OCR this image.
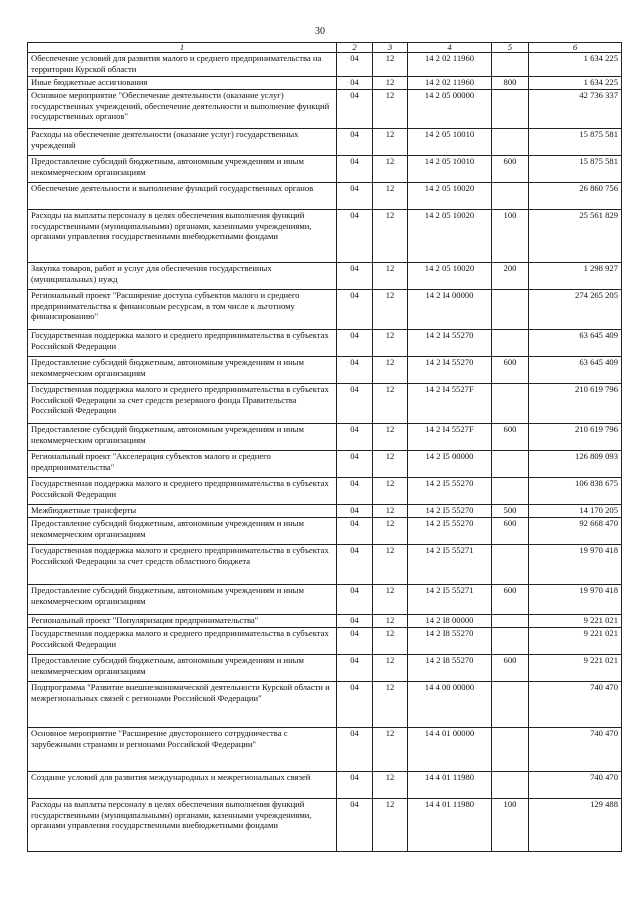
30
1	2	3	4	5	6
Обеспечение условий для развития малого и среднего предпринимательства на территории Курской области	04	12	14 2 02 11960		1 634 225
Иные бюджетные ассигнования	04	12	14 2 02 11960	800	1 634 225
Основное мероприятие "Обеспечение деятельности (оказание услуг) государственных учреждений, обеспечение деятельности и выполнение функций государственных органов"	04	12	14 2 05 00000		42 736 337
Расходы на обеспечение деятельности (оказание услуг) государственных учреждений	04	12	14 2 05 10010		15 875 581
Предоставление субсидий бюджетным, автономным учреждениям и иным некоммерческим организациям	04	12	14 2 05 10010	600	15 875 581
Обеспечение деятельности и выполнение функций государственных органов	04	12	14 2 05 10020		26 860 756
Расходы на выплаты персоналу в целях обеспечения выполнения функций государственными (муниципальными) органами, казенными учреждениями, органами управления государственными внебюджетными фондами	04	12	14 2 05 10020	100	25 561 829
Закупка товаров, работ и услуг для обеспечения государственных (муниципальных) нужд	04	12	14 2 05 10020	200	1 298 927
Региональный проект "Расширение доступа субъектов малого и среднего предпринимательства к финансовым ресурсам, в том числе к льготному финансированию"	04	12	14 2 I4 00000		274 265 205
Государственная поддержка малого и среднего предпринимательства в субъектах Российской Федерации	04	12	14 2 I4 55270		63 645 409
Предоставление субсидий бюджетным, автономным учреждениям и иным некоммерческим организациям	04	12	14 2 I4 55270	600	63 645 409
Государственная поддержка малого и среднего предпринимательства в субъектах Российской Федерации за счет средств резервного фонда Правительства Российской Федерации	04	12	14 2 I4 5527F		210 619 796
Предоставление субсидий бюджетным, автономным учреждениям и иным некоммерческим организациям	04	12	14 2 I4 5527F	600	210 619 796
Региональный проект "Акселерация субъектов малого и среднего предпринимательства"	04	12	14 2 I5 00000		126 809 093
Государственная поддержка малого и среднего предпринимательства в субъектах Российской Федерации	04	12	14 2 I5 55270		106 838 675
Межбюджетные трансферты	04	12	14 2 I5 55270	500	14 170 205
Предоставление субсидий бюджетным, автономным учреждениям и иным некоммерческим организациям	04	12	14 2 I5 55270	600	92 668 470
Государственная поддержка малого и среднего предпринимательства в субъектах Российской Федерации за счет средств областного бюджета	04	12	14 2 I5 55271		19 970 418
Предоставление субсидий бюджетным, автономным учреждениям и иным некоммерческим организациям	04	12	14 2 I5 55271	600	19 970 418
Региональный проект "Популяризация предпринимательства"	04	12	14 2 I8 00000		9 221 021
Государственная поддержка малого и среднего предпринимательства в субъектах Российской Федерации	04	12	14 2 I8 55270		9 221 021
Предоставление субсидий бюджетным, автономным учреждениям и иным некоммерческим организациям	04	12	14 2 I8 55270	600	9 221 021
Подпрограмма "Развитие внешнеэкономической деятельности Курской области и межрегиональных связей с регионами Российской Федерации"	04	12	14 4 00 00000		740 470
Основное мероприятие "Расширение двустороннего сотрудничества с зарубежными странами и регионами Российской Федерации"	04	12	14 4 01 00000		740 470
Создание условий для развития международных и межрегиональных связей	04	12	14 4 01 11980		740 470
Расходы на выплаты персоналу в целях обеспечения выполнения функций государственными (муниципальными) органами, казенными учреждениями, органами управления государственными внебюджетными фондами	04	12	14 4 01 11980	100	129 488
